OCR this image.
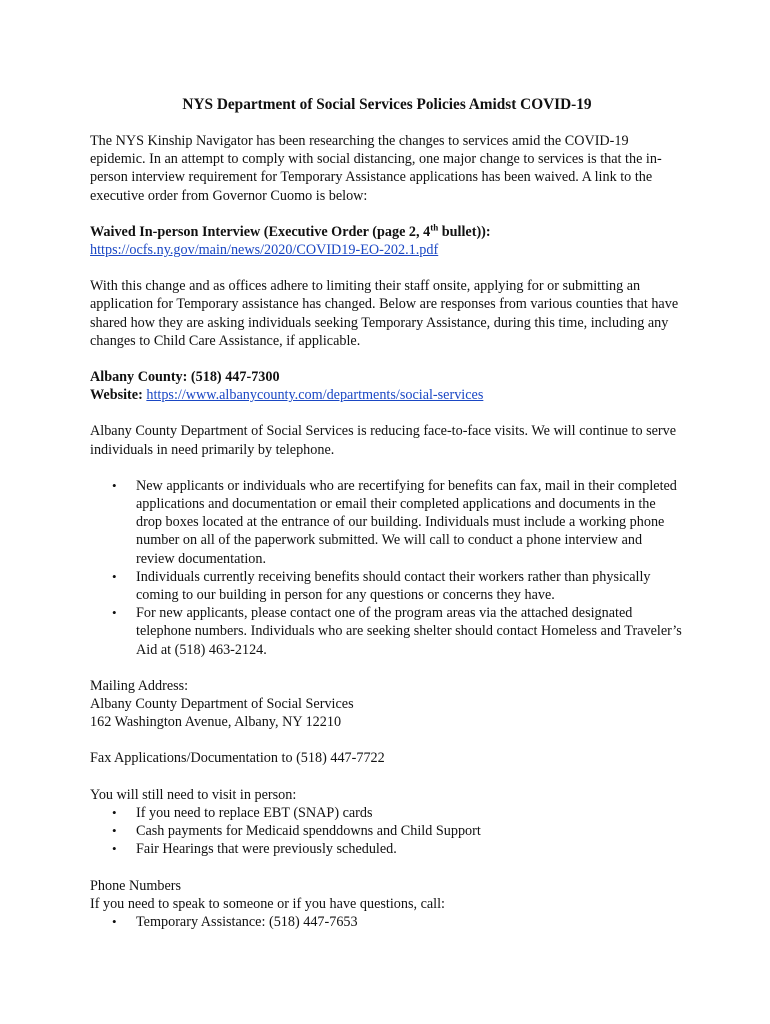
NYS Department of Social Services Policies Amidst COVID-19

The NYS Kinship Navigator has been researching the changes to services amid the COVID-19 epidemic. In an attempt to comply with social distancing, one major change to services is that the in-person interview requirement for Temporary Assistance applications has been waived. A link to the executive order from Governor Cuomo is below:

Waived In-person Interview (Executive Order (page 2, 4th bullet)):
https://ocfs.ny.gov/main/news/2020/COVID19-EO-202.1.pdf

With this change and as offices adhere to limiting their staff onsite, applying for or submitting an application for Temporary assistance has changed. Below are responses from various counties that have shared how they are asking individuals seeking Temporary Assistance, during this time, including any changes to Child Care Assistance, if applicable.

Albany County: (518) 447-7300
Website: https://www.albanycounty.com/departments/social-services

Albany County Department of Social Services is reducing face-to-face visits. We will continue to serve individuals in need primarily by telephone.

• New applicants or individuals who are recertifying for benefits can fax, mail in their completed applications and documentation or email their completed applications and documents in the drop boxes located at the entrance of our building. Individuals must include a working phone number on all of the paperwork submitted. We will call to conduct a phone interview and review documentation.
• Individuals currently receiving benefits should contact their workers rather than physically coming to our building in person for any questions or concerns they have.
• For new applicants, please contact one of the program areas via the attached designated telephone numbers. Individuals who are seeking shelter should contact Homeless and Traveler’s Aid at (518) 463-2124.

Mailing Address:
Albany County Department of Social Services
162 Washington Avenue, Albany, NY 12210

Fax Applications/Documentation to (518) 447-7722

You will still need to visit in person:
• If you need to replace EBT (SNAP) cards
• Cash payments for Medicaid spenddowns and Child Support
• Fair Hearings that were previously scheduled.
Phone Numbers
If you need to speak to someone or if you have questions, call:
• Temporary Assistance: (518) 447-7653
